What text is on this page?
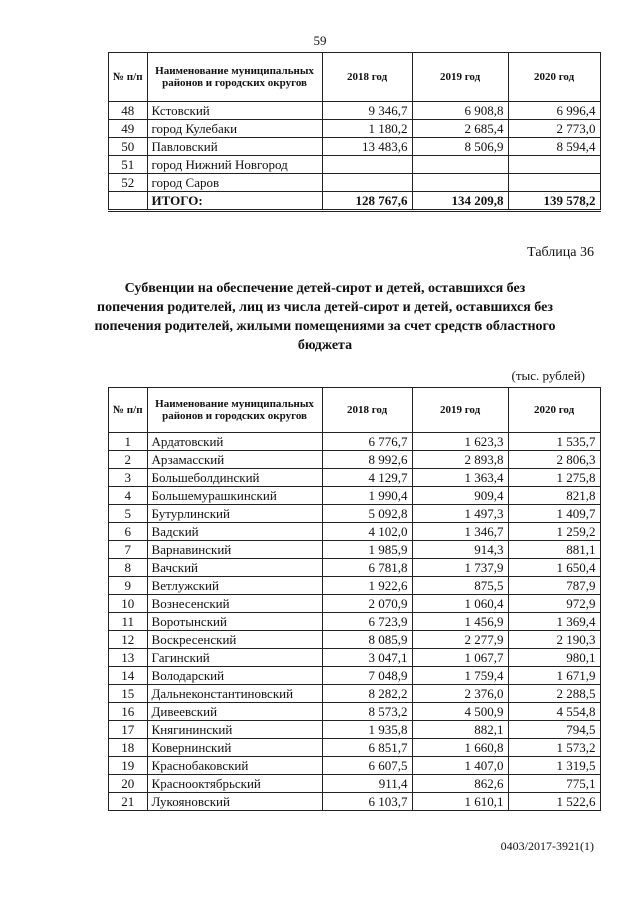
59
№ п/п	Наименование муниципальных районов и городских округов	2018 год	2019 год	2020 год
48	Кстовский	9 346,7	6 908,8	6 996,4
49	город Кулебаки	1 180,2	2 685,4	2 773,0
50	Павловский	13 483,6	8 506,9	8 594,4
51	город Нижний Новгород			
52	город Саров			
	ИТОГО:	128 767,6	134 209,8	139 578,2
Таблица 36
Субвенции на обеспечение детей-сирот и детей, оставшихся без попечения родителей, лиц из числа детей-сирот и детей, оставшихся без попечения родителей, жилыми помещениями за счет средств областного бюджета
(тыс. рублей)
№ п/п	Наименование муниципальных районов и городских округов	2018 год	2019 год	2020 год
1	Ардатовский	6 776,7	1 623,3	1 535,7
2	Арзамасский	8 992,6	2 893,8	2 806,3
3	Большеболдинский	4 129,7	1 363,4	1 275,8
4	Большемурашкинский	1 990,4	909,4	821,8
5	Бутурлинский	5 092,8	1 497,3	1 409,7
6	Вадский	4 102,0	1 346,7	1 259,2
7	Варнавинский	1 985,9	914,3	881,1
8	Вачский	6 781,8	1 737,9	1 650,4
9	Ветлужский	1 922,6	875,5	787,9
10	Вознесенский	2 070,9	1 060,4	972,9
11	Воротынский	6 723,9	1 456,9	1 369,4
12	Воскресенский	8 085,9	2 277,9	2 190,3
13	Гагинский	3 047,1	1 067,7	980,1
14	Володарский	7 048,9	1 759,4	1 671,9
15	Дальнеконстантиновский	8 282,2	2 376,0	2 288,5
16	Дивеевский	8 573,2	4 500,9	4 554,8
17	Княгининский	1 935,8	882,1	794,5
18	Ковернинский	6 851,7	1 660,8	1 573,2
19	Краснобаковский	6 607,5	1 407,0	1 319,5
20	Краснооктябрьский	911,4	862,6	775,1
21	Лукояновский	6 103,7	1 610,1	1 522,6
0403/2017-3921(1)
